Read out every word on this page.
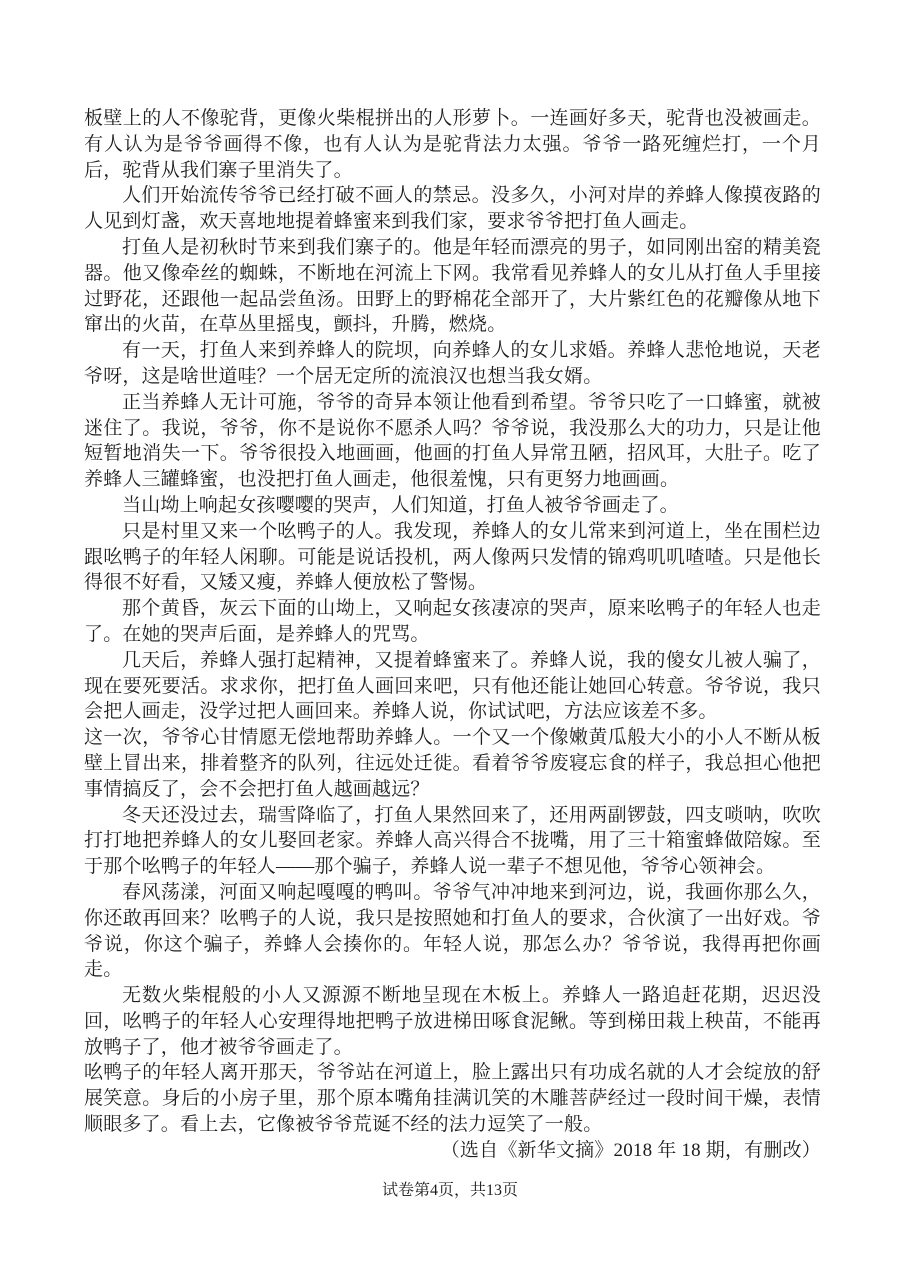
板壁上的人不像驼背，更像火柴棍拼出的人形萝卜。一连画好多天，驼背也没被画走。有人认为是爷爷画得不像，也有人认为是驼背法力太强。爷爷一路死缠烂打，一个月后，驼背从我们寨子里消失了。

人们开始流传爷爷已经打破不画人的禁忌。没多久，小河对岸的养蜂人像摸夜路的人见到灯盏，欢天喜地地提着蜂蜜来到我们家，要求爷爷把打鱼人画走。

打鱼人是初秋时节来到我们寨子的。他是年轻而漂亮的男子，如同刚出窑的精美瓷器。他又像牵丝的蜘蛛，不断地在河流上下网。我常看见养蜂人的女儿从打鱼人手里接过野花，还跟他一起品尝鱼汤。田野上的野棉花全部开了，大片紫红色的花瓣像从地下窜出的火苗，在草丛里摇曳，颤抖，升腾，燃烧。

有一天，打鱼人来到养蜂人的院坝，向养蜂人的女儿求婚。养蜂人悲怆地说，天老爷呀，这是啥世道哇？一个居无定所的流浪汉也想当我女婿。

正当养蜂人无计可施，爷爷的奇异本领让他看到希望。爷爷只吃了一口蜂蜜，就被迷住了。我说，爷爷，你不是说你不愿杀人吗？爷爷说，我没那么大的功力，只是让他短暂地消失一下。爷爷很投入地画画，他画的打鱼人异常丑陋，招风耳，大肚子。吃了养蜂人三罐蜂蜜，也没把打鱼人画走，他很羞愧，只有更努力地画画。

当山坳上响起女孩嘤嘤的哭声，人们知道，打鱼人被爷爷画走了。

只是村里又来一个吆鸭子的人。我发现，养蜂人的女儿常来到河道上，坐在围栏边跟吆鸭子的年轻人闲聊。可能是说话投机，两人像两只发情的锦鸡叽叽喳喳。只是他长得很不好看，又矮又瘦，养蜂人便放松了警惕。

那个黄昏，灰云下面的山坳上，又响起女孩凄凉的哭声，原来吆鸭子的年轻人也走了。在她的哭声后面，是养蜂人的咒骂。

几天后，养蜂人强打起精神，又提着蜂蜜来了。养蜂人说，我的傻女儿被人骗了，现在要死要活。求求你，把打鱼人画回来吧，只有他还能让她回心转意。爷爷说，我只会把人画走，没学过把人画回来。养蜂人说，你试试吧，方法应该差不多。

这一次，爷爷心甘情愿无偿地帮助养蜂人。一个又一个像嫩黄瓜般大小的小人不断从板壁上冒出来，排着整齐的队列，往远处迁徙。看着爷爷废寝忘食的样子，我总担心他把事情搞反了，会不会把打鱼人越画越远？

冬天还没过去，瑞雪降临了，打鱼人果然回来了，还用两副锣鼓，四支唢呐，吹吹打打地把养蜂人的女儿娶回老家。养蜂人高兴得合不拢嘴，用了三十箱蜜蜂做陪嫁。至于那个吆鸭子的年轻人——那个骗子，养蜂人说一辈子不想见他，爷爷心领神会。

春风荡漾，河面又响起嘎嘎的鸭叫。爷爷气冲冲地来到河边，说，我画你那么久，你还敢再回来？吆鸭子的人说，我只是按照她和打鱼人的要求，合伙演了一出好戏。爷爷说，你这个骗子，养蜂人会揍你的。年轻人说，那怎么办？爷爷说，我得再把你画走。

无数火柴棍般的小人又源源不断地呈现在木板上。养蜂人一路追赶花期，迟迟没回，吆鸭子的年轻人心安理得地把鸭子放进梯田啄食泥鳅。等到梯田栽上秧苗，不能再放鸭子了，他才被爷爷画走了。

吆鸭子的年轻人离开那天，爷爷站在河道上，脸上露出只有功成名就的人才会绽放的舒展笑意。身后的小房子里，那个原本嘴角挂满讥笑的木雕菩萨经过一段时间干燥，表情顺眼多了。看上去，它像被爷爷荒诞不经的法力逗笑了一般。

（选自《新华文摘》2018 年 18 期，有删改）

试卷第4页，共13页
